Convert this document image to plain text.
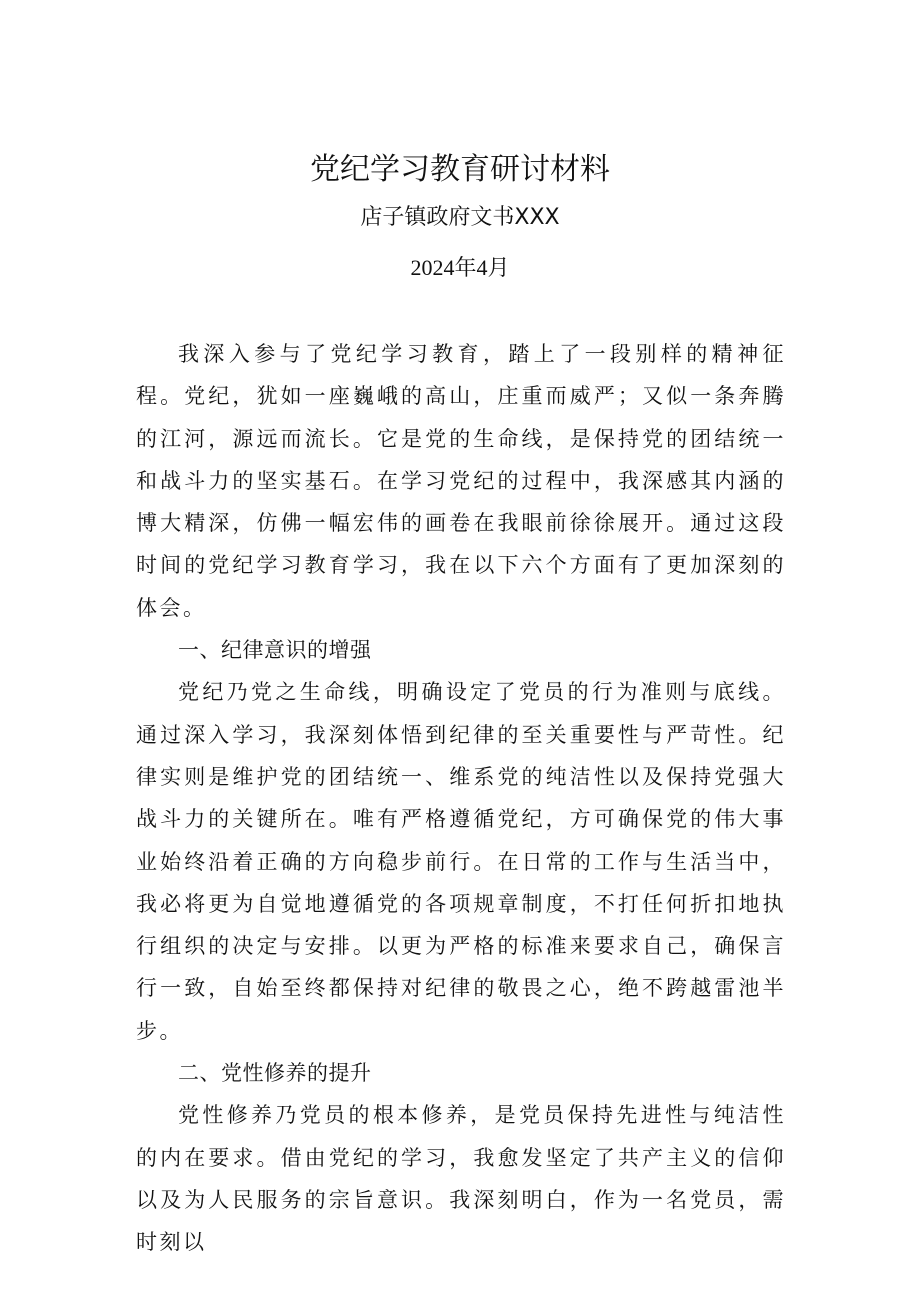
党纪学习教育研讨材料
店子镇政府文书XXX
2024年4月

我深入参与了党纪学习教育，踏上了一段别样的精神征程。党纪，犹如一座巍峨的高山，庄重而威严；又似一条奔腾的江河，源远而流长。它是党的生命线，是保持党的团结统一和战斗力的坚实基石。在学习党纪的过程中，我深感其内涵的博大精深，仿佛一幅宏伟的画卷在我眼前徐徐展开。通过这段时间的党纪学习教育学习，我在以下六个方面有了更加深刻的体会。

一、纪律意识的增强

党纪乃党之生命线，明确设定了党员的行为准则与底线。通过深入学习，我深刻体悟到纪律的至关重要性与严苛性。纪律实则是维护党的团结统一、维系党的纯洁性以及保持党强大战斗力的关键所在。唯有严格遵循党纪，方可确保党的伟大事业始终沿着正确的方向稳步前行。在日常的工作与生活当中，我必将更为自觉地遵循党的各项规章制度，不打任何折扣地执行组织的决定与安排。以更为严格的标准来要求自己，确保言行一致，自始至终都保持对纪律的敬畏之心，绝不跨越雷池半步。

二、党性修养的提升

党性修养乃党员的根本修养，是党员保持先进性与纯洁性的内在要求。借由党纪的学习，我愈发坚定了共产主义的信仰以及为人民服务的宗旨意识。我深刻明白，作为一名党员，需时刻以
